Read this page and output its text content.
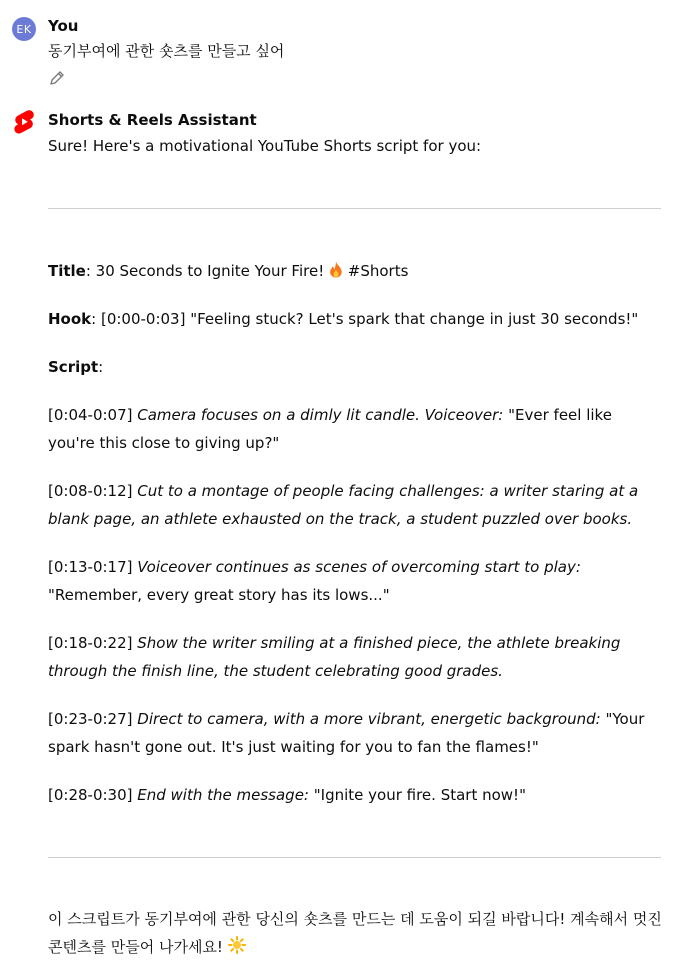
EK You
동기부여에 관한 숏츠를 만들고 싶어
Shorts & Reels Assistant
Sure! Here's a motivational YouTube Shorts script for you:

Title: 30 Seconds to Ignite Your Fire!  #Shorts

Hook: [0:00-0:03] "Feeling stuck? Let's spark that change in just 30 seconds!"

Script:

[0:04-0:07] Camera focuses on a dimly lit candle. Voiceover: "Ever feel like you're this close to giving up?"

[0:08-0:12] Cut to a montage of people facing challenges: a writer staring at a blank page, an athlete exhausted on the track, a student puzzled over books.

[0:13-0:17] Voiceover continues as scenes of overcoming start to play: "Remember, every great story has its lows..."

[0:18-0:22] Show the writer smiling at a finished piece, the athlete breaking through the finish line, the student celebrating good grades.

[0:23-0:27] Direct to camera, with a more vibrant, energetic background: "Your spark hasn't gone out. It's just waiting for you to fan the flames!"

[0:28-0:30] End with the message: "Ignite your fire. Start now!"

이 스크립트가 동기부여에 관한 당신의 숏츠를 만드는 데 도움이 되길 바랍니다! 계속해서 멋진 콘텐츠를 만들어 나가세요!
